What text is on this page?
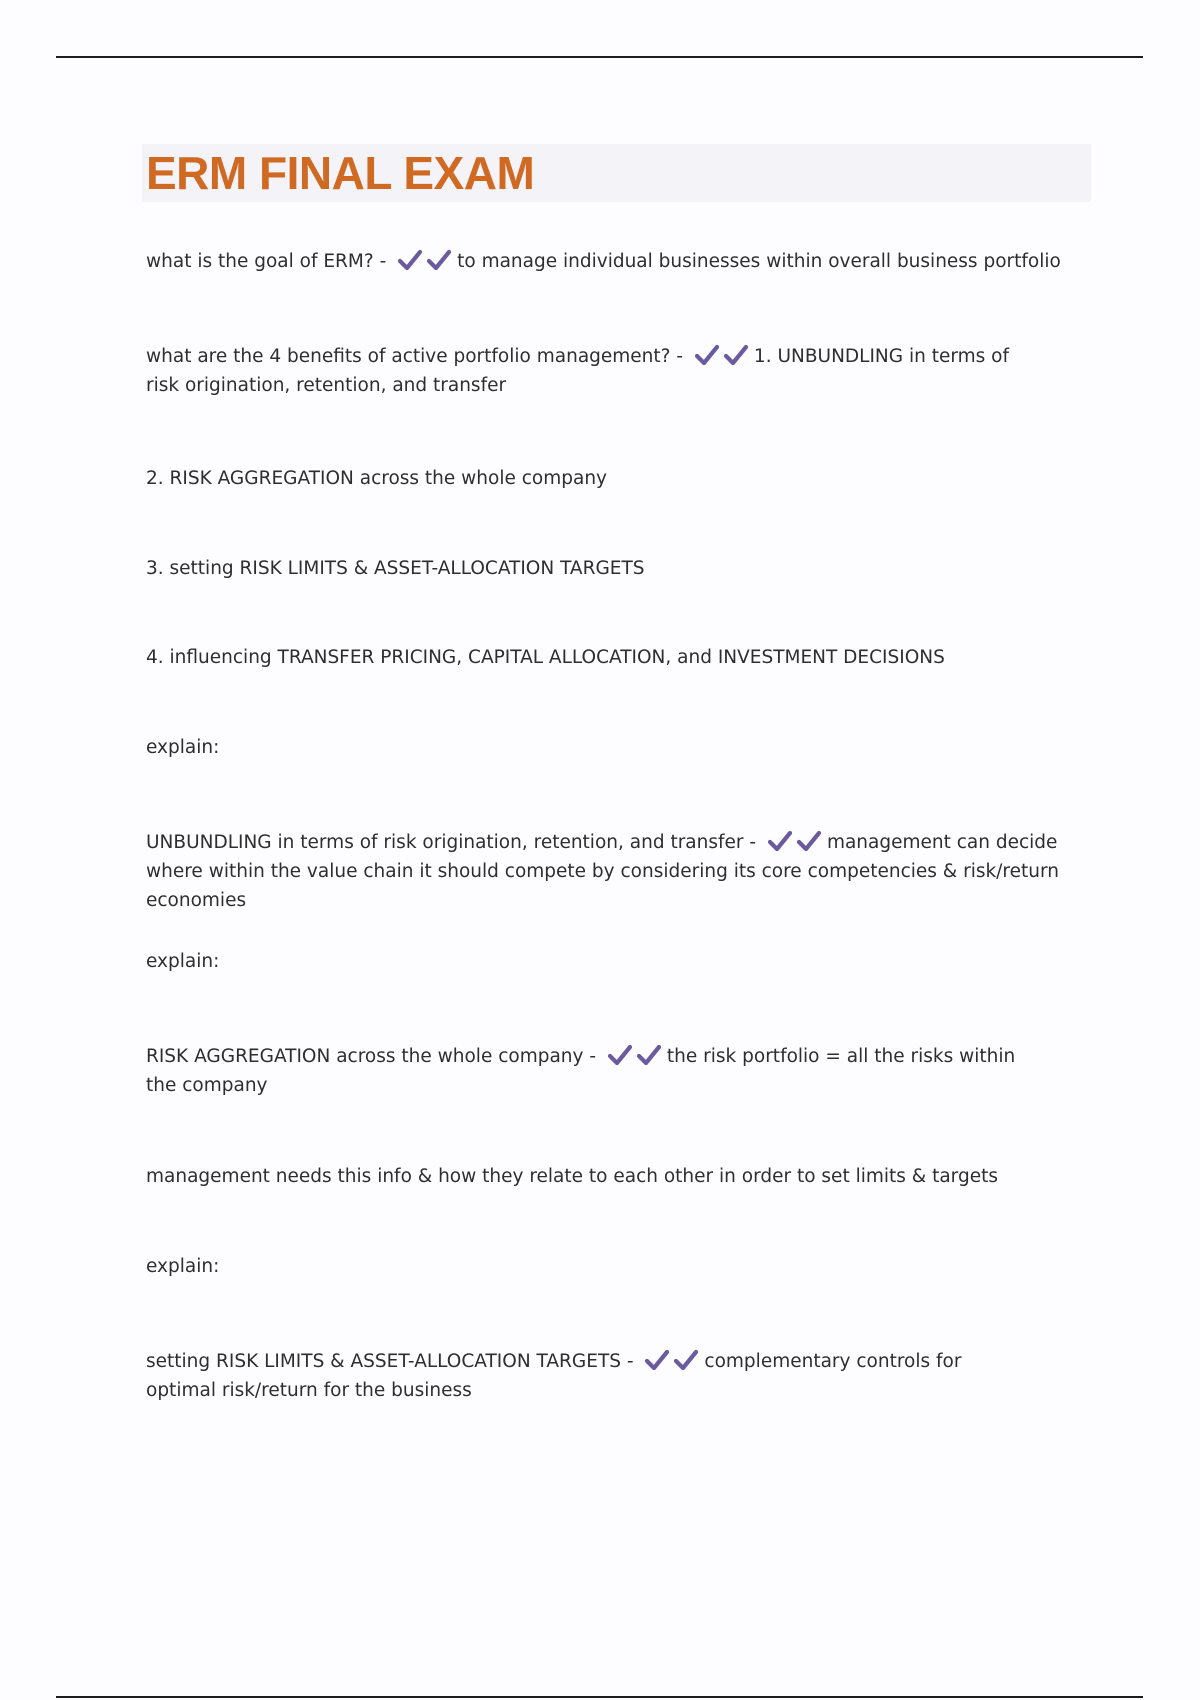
ERM FINAL EXAM

what is the goal of ERM? -	to manage individual businesses within overall business portfolio

what are the 4 benefits of active portfolio management? -	1. UNBUNDLING in terms of risk origination, retention, and transfer

2. RISK AGGREGATION across the whole company

3. setting RISK LIMITS & ASSET-ALLOCATION TARGETS

4. influencing TRANSFER PRICING, CAPITAL ALLOCATION, and INVESTMENT DECISIONS

explain:

UNBUNDLING in terms of risk origination, retention, and transfer -	management can decide where within the value chain it should compete by considering its core competencies & risk/return economies

explain:

RISK AGGREGATION across the whole company -	the risk portfolio = all the risks within the company

management needs this info & how they relate to each other in order to set limits & targets

explain:

setting RISK LIMITS & ASSET-ALLOCATION TARGETS -	complementary controls for optimal risk/return for the business
